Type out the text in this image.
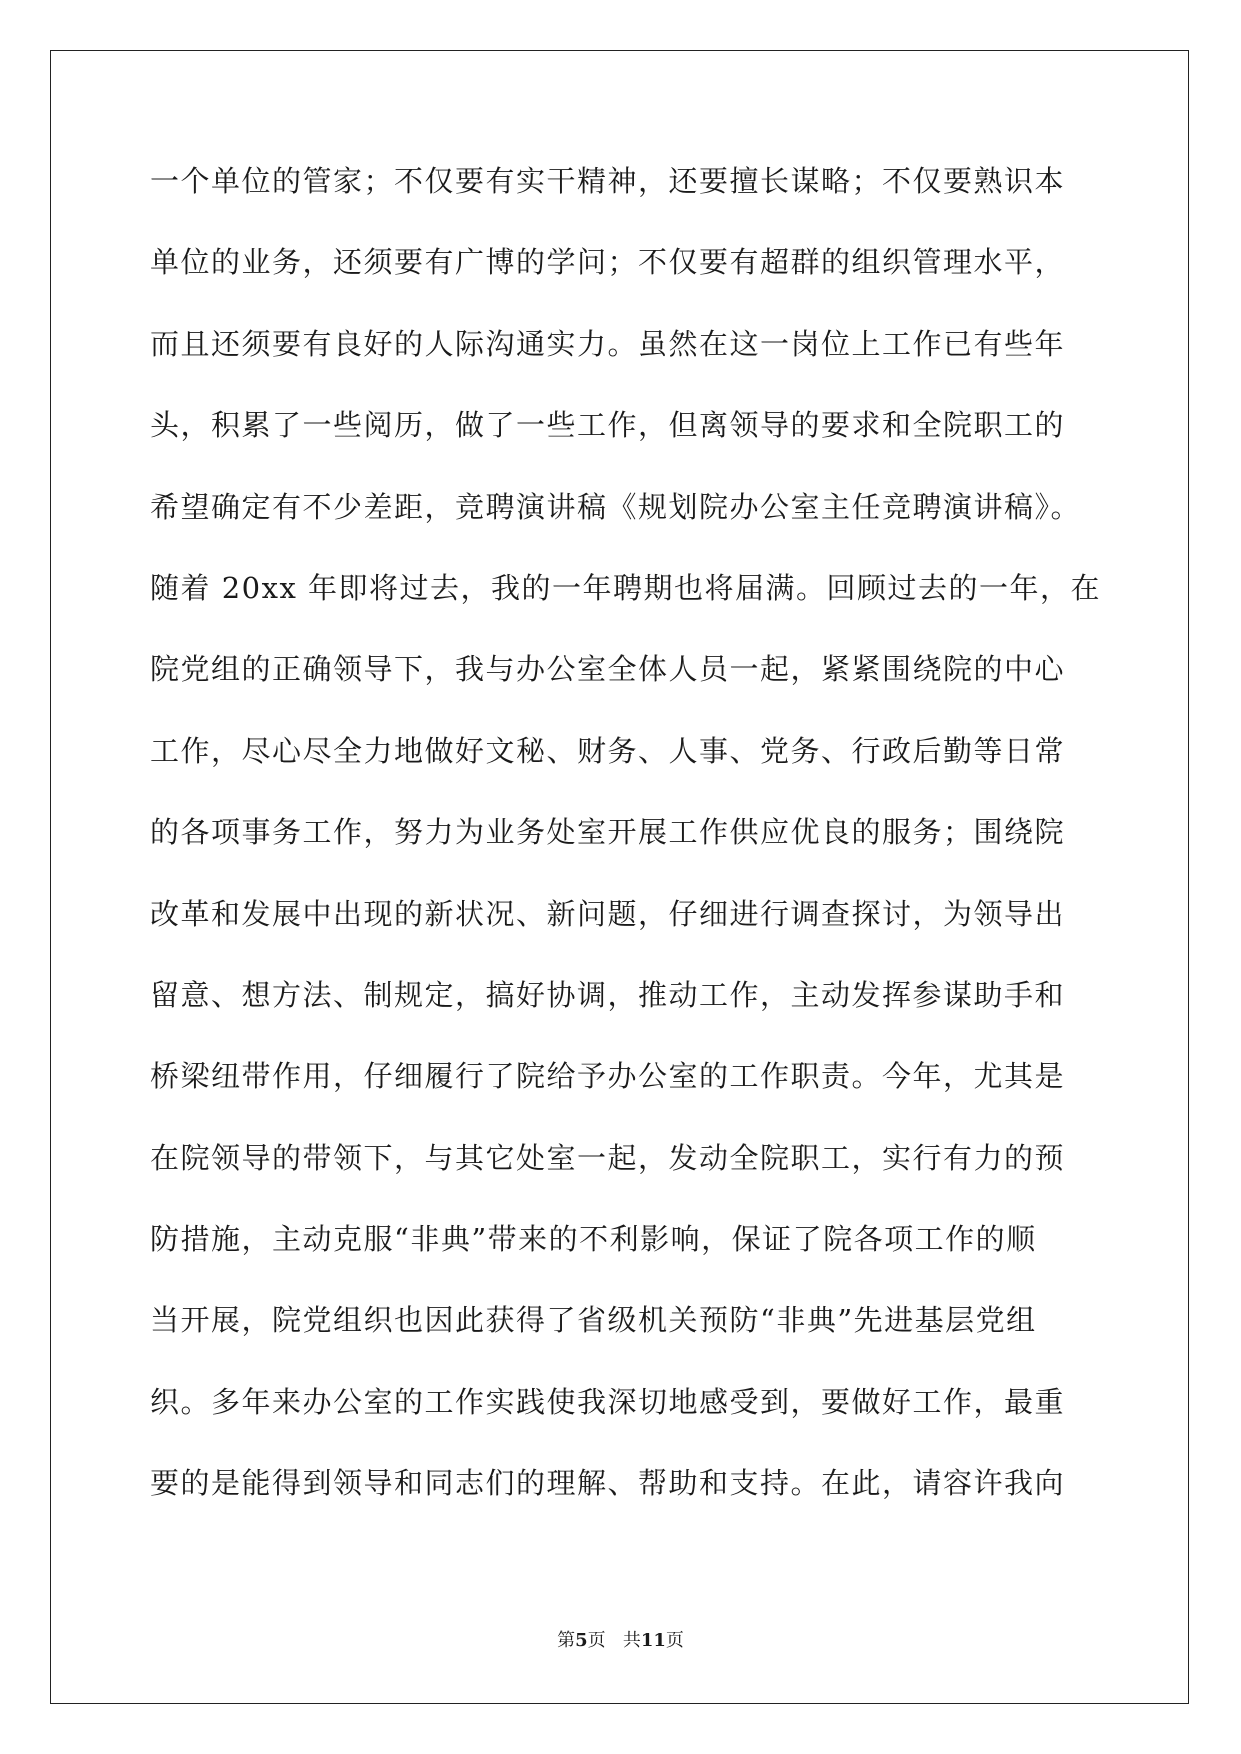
一个单位的管家；不仅要有实干精神，还要擅长谋略；不仅要熟识本
单位的业务，还须要有广博的学问；不仅要有超群的组织管理水平，
而且还须要有良好的人际沟通实力。虽然在这一岗位上工作已有些年
头，积累了一些阅历，做了一些工作，但离领导的要求和全院职工的
希望确定有不少差距，竞聘演讲稿《规划院办公室主任竞聘演讲稿》。
随着 20xx 年即将过去，我的一年聘期也将届满。回顾过去的一年，在
院党组的正确领导下，我与办公室全体人员一起，紧紧围绕院的中心
工作，尽心尽全力地做好文秘、财务、人事、党务、行政后勤等日常
的各项事务工作，努力为业务处室开展工作供应优良的服务；围绕院
改革和发展中出现的新状况、新问题，仔细进行调查探讨，为领导出
留意、想方法、制规定，搞好协调，推动工作，主动发挥参谋助手和
桥梁纽带作用，仔细履行了院给予办公室的工作职责。今年，尤其是
在院领导的带领下，与其它处室一起，发动全院职工，实行有力的预
防措施，主动克服“非典”带来的不利影响，保证了院各项工作的顺
当开展，院党组织也因此获得了省级机关预防“非典”先进基层党组
织。多年来办公室的工作实践使我深切地感受到，要做好工作，最重
要的是能得到领导和同志们的理解、帮助和支持。在此，请容许我向
第5页 共11页
